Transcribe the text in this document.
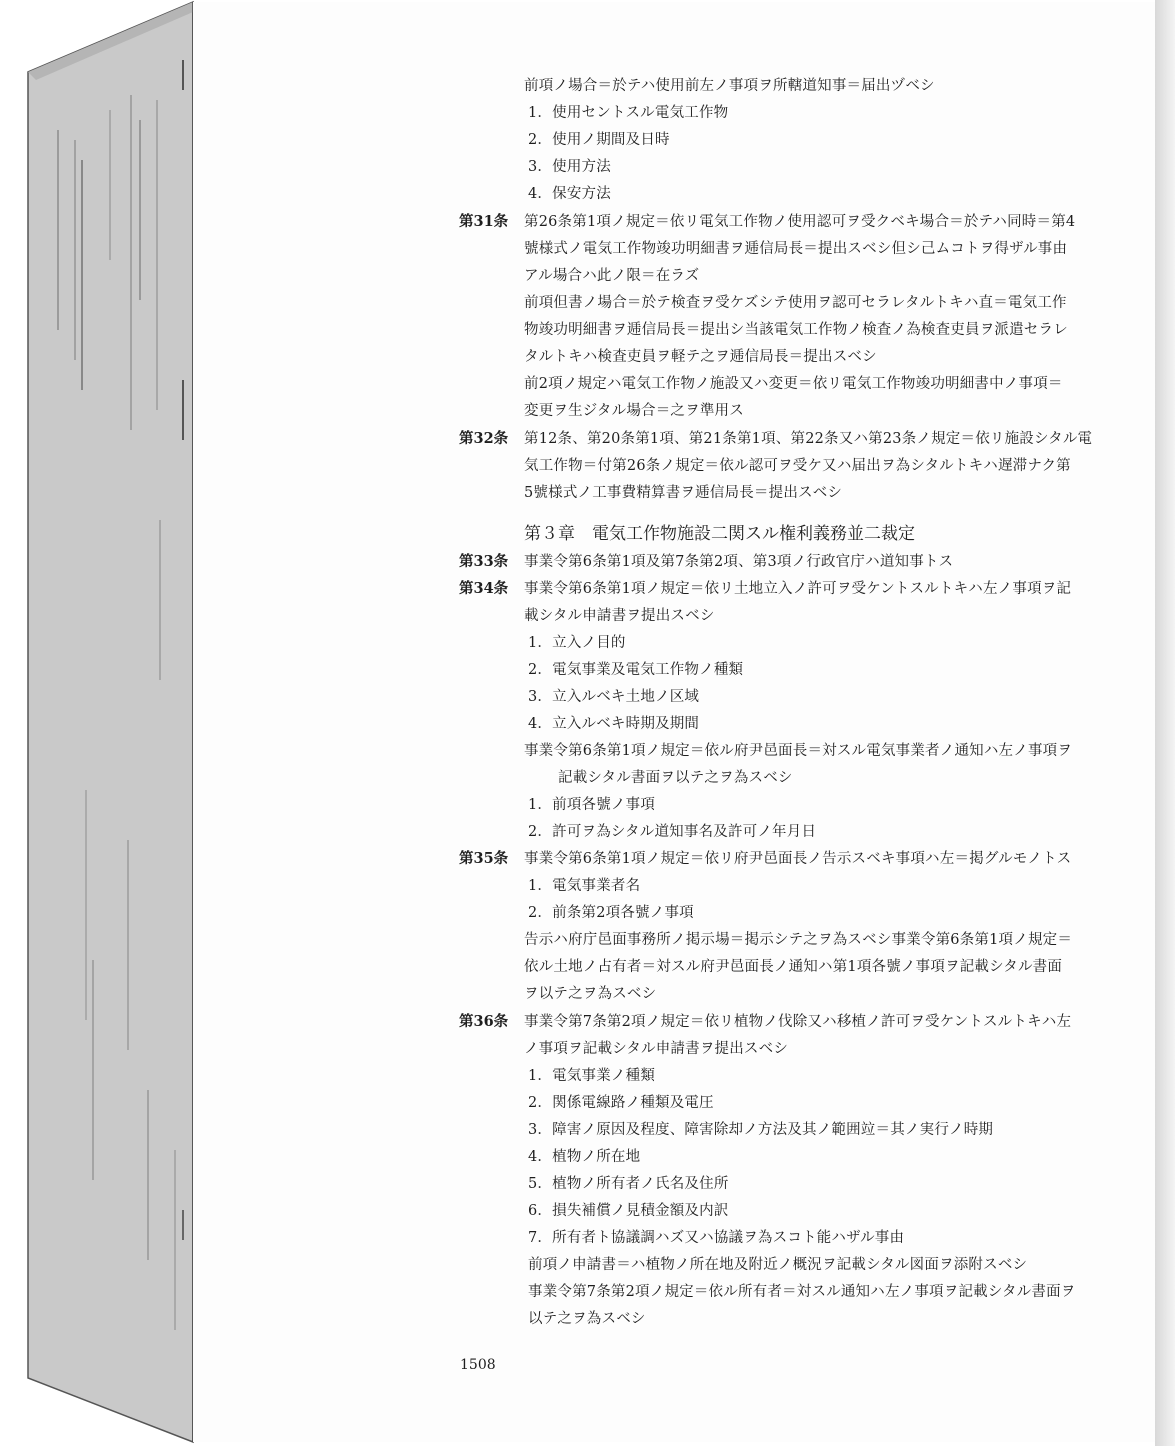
前項ノ場合＝於テハ使用前左ノ事項ヲ所轄道知事＝届出ヅベシ
1．使用セントスル電気工作物
2．使用ノ期間及日時
3．使用方法
4．保安方法
第31条 第26条第1項ノ規定＝依リ電気工作物ノ使用認可ヲ受クベキ場合＝於テハ同時＝第4
號様式ノ電気工作物竣功明細書ヲ逓信局長＝提出スベシ但シ己ムコトヲ得ザル事由
アル場合ハ此ノ限＝在ラズ
前項但書ノ場合＝於テ検査ヲ受ケズシテ使用ヲ認可セラレタルトキハ直＝電気工作
物竣功明細書ヲ逓信局長＝提出シ当該電気工作物ノ検査ノ為検査吏員ヲ派遣セラレ
タルトキハ検査吏員ヲ軽テ之ヲ逓信局長＝提出スベシ
前2項ノ規定ハ電気工作物ノ施設又ハ変更＝依リ電気工作物竣功明細書中ノ事項＝
変更ヲ生ジタル場合＝之ヲ準用ス
第32条 第12条、第20条第1項、第21条第1項、第22条又ハ第23条ノ規定＝依リ施設シタル電
気工作物＝付第26条ノ規定＝依ル認可ヲ受ケ又ハ届出ヲ為シタルトキハ遅滞ナク第
5號様式ノ工事費精算書ヲ逓信局長＝提出スベシ
第３章　電気工作物施設二関スル権利義務並二裁定
第33条 事業令第6条第1項及第7条第2項、第3項ノ行政官庁ハ道知事トス
第34条 事業令第6条第1項ノ規定＝依リ土地立入ノ許可ヲ受ケントスルトキハ左ノ事項ヲ記
載シタル申請書ヲ提出スベシ
1．立入ノ目的
2．電気事業及電気工作物ノ種類
3．立入ルベキ土地ノ区域
4．立入ルベキ時期及期間
事業令第6条第1項ノ規定＝依ル府尹邑面長＝対スル電気事業者ノ通知ハ左ノ事項ヲ
記載シタル書面ヲ以テ之ヲ為スベシ
1．前項各號ノ事項
2．許可ヲ為シタル道知事名及許可ノ年月日
第35条 事業令第6条第1項ノ規定＝依リ府尹邑面長ノ告示スベキ事項ハ左＝掲グルモノトス
1．電気事業者名
2．前条第2項各號ノ事項
告示ハ府庁邑面事務所ノ掲示場＝掲示シテ之ヲ為スベシ事業令第6条第1項ノ規定＝
依ル土地ノ占有者＝対スル府尹邑面長ノ通知ハ第1項各號ノ事項ヲ記載シタル書面
ヲ以テ之ヲ為スベシ
第36条 事業令第7条第2項ノ規定＝依リ植物ノ伐除又ハ移植ノ許可ヲ受ケントスルトキハ左
ノ事項ヲ記載シタル申請書ヲ提出スベシ
1．電気事業ノ種類
2．関係電線路ノ種類及電圧
3．障害ノ原因及程度、障害除却ノ方法及其ノ範囲竝＝其ノ実行ノ時期
4．植物ノ所在地
5．植物ノ所有者ノ氏名及住所
6．損失補償ノ見積金額及内訳
7．所有者ト協議調ハズ又ハ協議ヲ為スコト能ハザル事由
前項ノ申請書＝ハ植物ノ所在地及附近ノ概況ヲ記載シタル図面ヲ添附スベシ
事業令第7条第2項ノ規定＝依ル所有者＝対スル通知ハ左ノ事項ヲ記載シタル書面ヲ
以テ之ヲ為スベシ
1508
